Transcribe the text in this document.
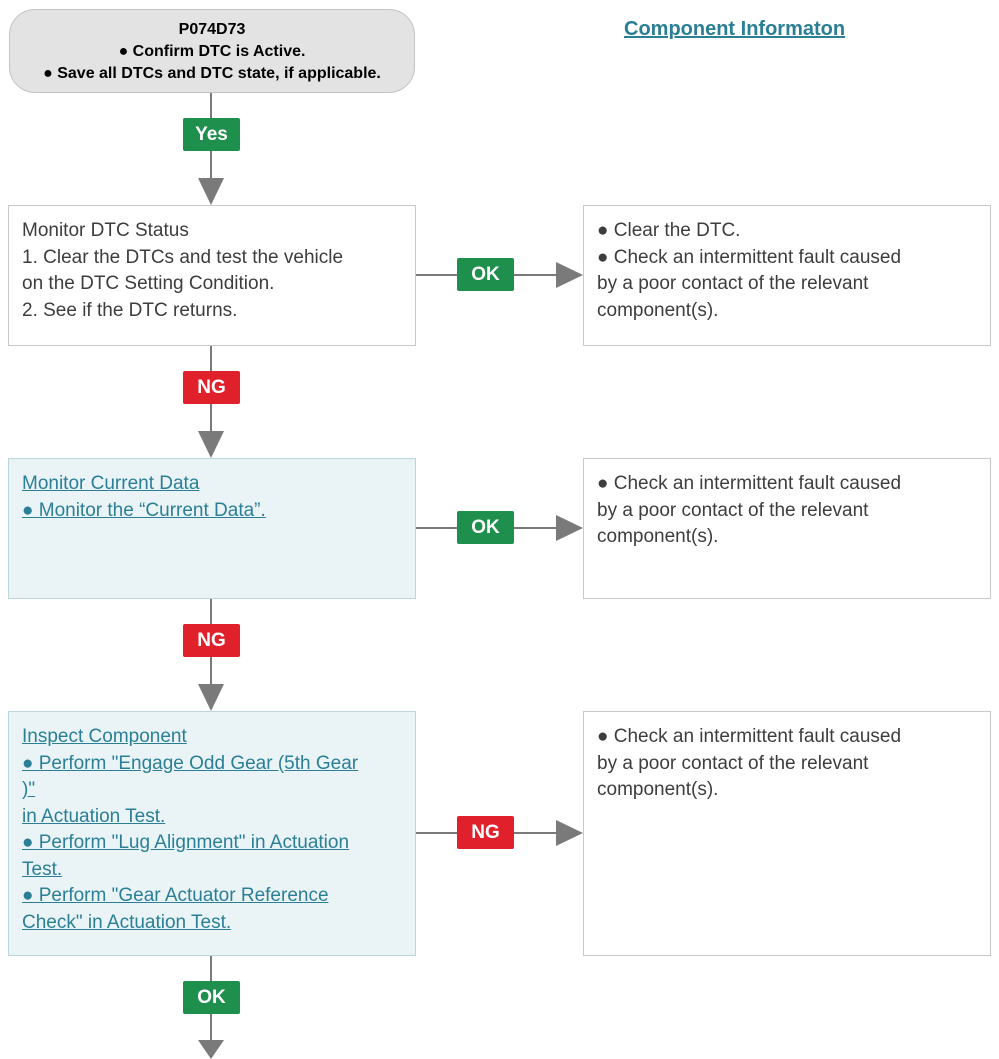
P074D73
● Confirm DTC is Active.
● Save all DTCs and DTC state, if applicable.
Component Informaton
Yes
Monitor DTC Status
1. Clear the DTCs and test the vehicle
on the DTC Setting Condition.
2. See if the DTC returns.
OK
● Clear the DTC.
● Check an intermittent fault caused
by a poor contact of the relevant
component(s).
NG
Monitor Current Data
● Monitor the “Current Data”.
OK
● Check an intermittent fault caused
by a poor contact of the relevant
component(s).
NG
Inspect Component
● Perform "Engage Odd Gear (5th Gear
)"
in Actuation Test.
● Perform "Lug Alignment" in Actuation
Test.
● Perform "Gear Actuator Reference
Check" in Actuation Test.
NG
● Check an intermittent fault caused
by a poor contact of the relevant
component(s).
OK
